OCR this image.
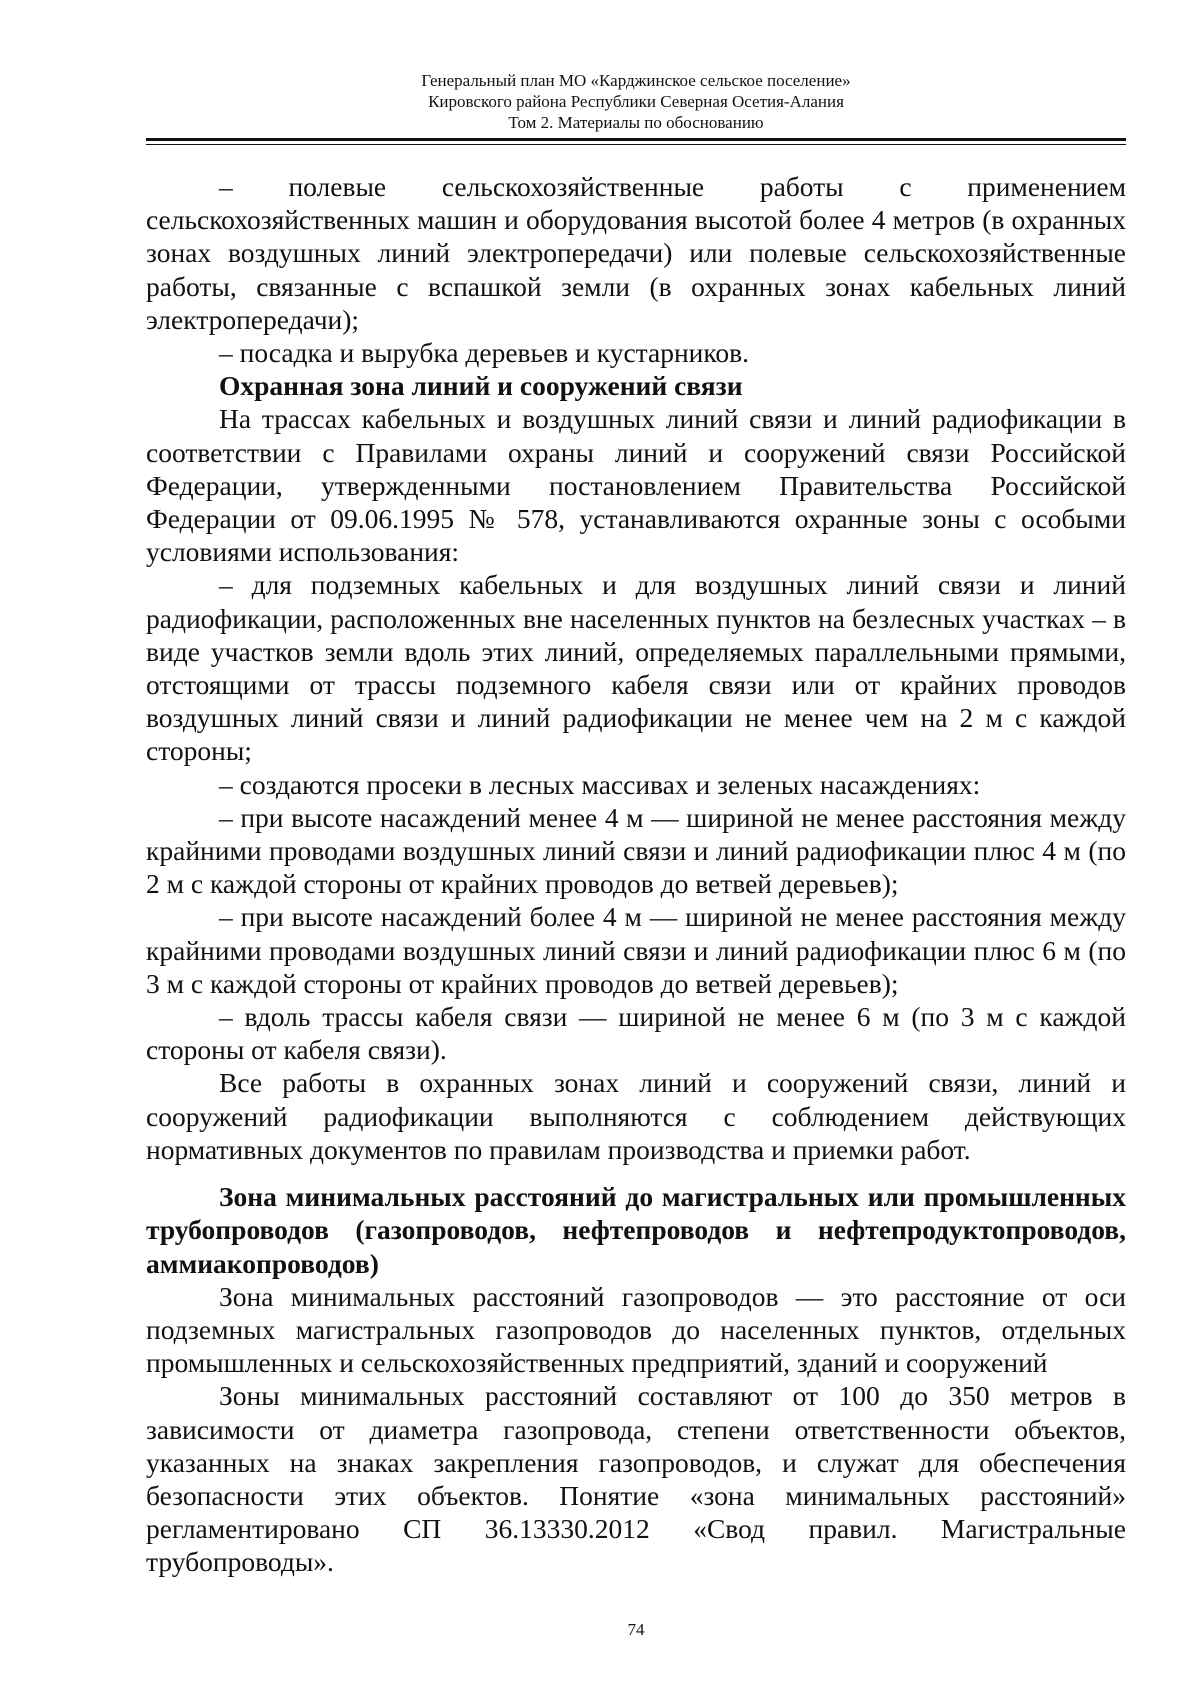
Генеральный план МО «Карджинское сельское поселение»
Кировского района Республики Северная Осетия-Алания
Том 2. Материалы по обоснованию

– полевые сельскохозяйственные работы с применением сельскохозяйственных машин и оборудования высотой более 4 метров (в охранных зонах воздушных линий электропередачи) или полевые сельскохозяйственные работы, связанные с вспашкой земли (в охранных зонах кабельных линий электропередачи);

– посадка и вырубка деревьев и кустарников.

Охранная зона линий и сооружений связи

На трассах кабельных и воздушных линий связи и линий радиофикации в соответствии с Правилами охраны линий и сооружений связи Российской Федерации, утвержденными постановлением Правительства Российской Федерации от 09.06.1995 № 578, устанавливаются охранные зоны с особыми условиями использования:

– для подземных кабельных и для воздушных линий связи и линий радиофикации, расположенных вне населенных пунктов на безлесных участках – в виде участков земли вдоль этих линий, определяемых параллельными прямыми, отстоящими от трассы подземного кабеля связи или от крайних проводов воздушных линий связи и линий радиофикации не менее чем на 2 м с каждой стороны;

– создаются просеки в лесных массивах и зеленых насаждениях:

– при высоте насаждений менее 4 м — шириной не менее расстояния между крайними проводами воздушных линий связи и линий радиофикации плюс 4 м (по 2 м с каждой стороны от крайних проводов до ветвей деревьев);

– при высоте насаждений более 4 м — шириной не менее расстояния между крайними проводами воздушных линий связи и линий радиофикации плюс 6 м (по 3 м с каждой стороны от крайних проводов до ветвей деревьев);

– вдоль трассы кабеля связи — шириной не менее 6 м (по 3 м с каждой стороны от кабеля связи).

Все работы в охранных зонах линий и сооружений связи, линий и сооружений радиофикации выполняются с соблюдением действующих нормативных документов по правилам производства и приемки работ.

Зона минимальных расстояний до магистральных или промышленных трубопроводов (газопроводов, нефтепроводов и нефтепродуктопроводов, аммиакопроводов)

Зона минимальных расстояний газопроводов — это расстояние от оси подземных магистральных газопроводов до населенных пунктов, отдельных промышленных и сельскохозяйственных предприятий, зданий и сооружений

Зоны минимальных расстояний составляют от 100 до 350 метров в зависимости от диаметра газопровода, степени ответственности объектов, указанных на знаках закрепления газопроводов, и служат для обеспечения безопасности этих объектов. Понятие «зона минимальных расстояний» регламентировано СП 36.13330.2012 «Свод правил. Магистральные трубопроводы».

74
